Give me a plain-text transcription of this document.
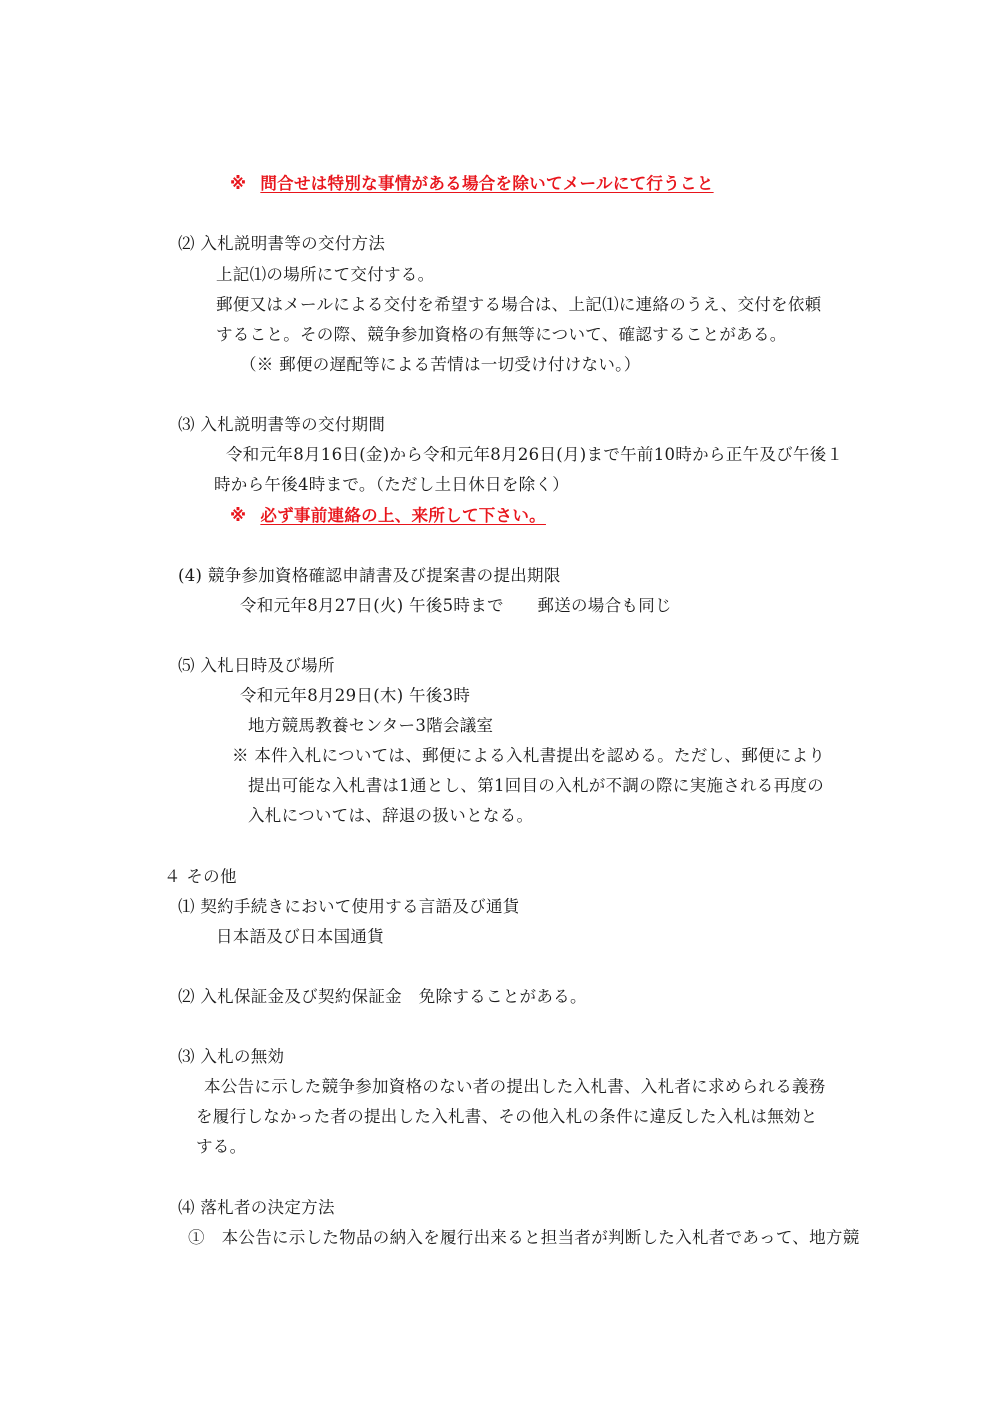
※ 問合せは特別な事情がある場合を除いてメールにて行うこと
⑵ 入札説明書等の交付方法
上記⑴の場所にて交付する。
郵便又はメールによる交付を希望する場合は、上記⑴に連絡のうえ、交付を依頼
すること。その際、競争参加資格の有無等について、確認することがある。
（※ 郵便の遅配等による苦情は一切受け付けない。）
⑶ 入札説明書等の交付期間
令和元年8月16日(金)から令和元年8月26日(月)まで午前10時から正午及び午後１
時から午後4時まで。（ただし土日休日を除く）
※ 必ず事前連絡の上、来所して下さい。
(4) 競争参加資格確認申請書及び提案書の提出期限
令和元年8月27日(火) 午後5時まで　　郵送の場合も同じ
⑸ 入札日時及び場所
令和元年8月29日(木) 午後3時
地方競馬教養センター3階会議室
※ 本件入札については、郵便による入札書提出を認める。ただし、郵便により
提出可能な入札書は1通とし、第1回目の入札が不調の際に実施される再度の
入札については、辞退の扱いとなる。
４ その他
⑴ 契約手続きにおいて使用する言語及び通貨
日本語及び日本国通貨
⑵ 入札保証金及び契約保証金　免除することがある。
⑶ 入札の無効
本公告に示した競争参加資格のない者の提出した入札書、入札者に求められる義務
を履行しなかった者の提出した入札書、その他入札の条件に違反した入札は無効と
する。
⑷ 落札者の決定方法
①　本公告に示した物品の納入を履行出来ると担当者が判断した入札者であって、地方競
